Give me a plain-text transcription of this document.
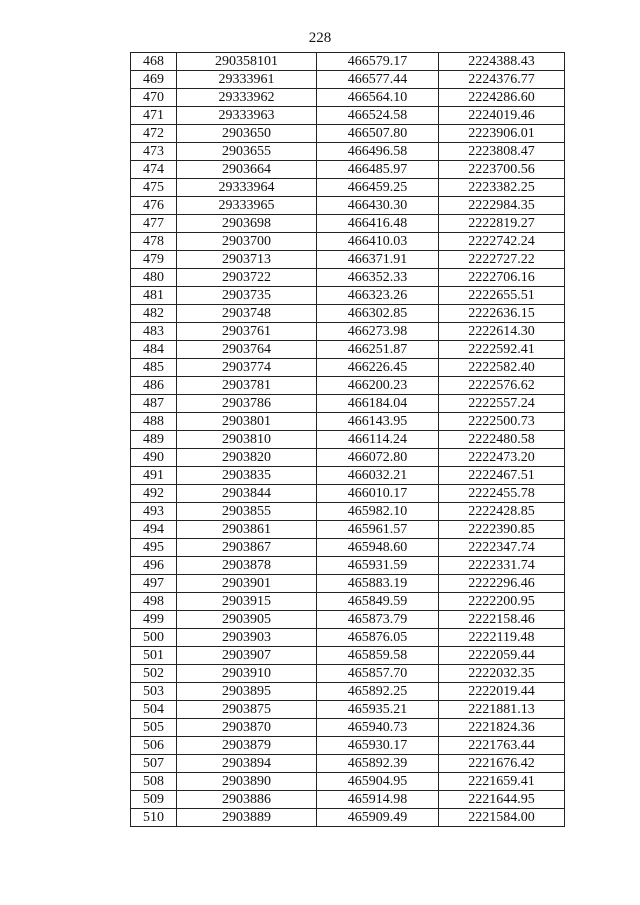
228
468	290358101	466579.17	2224388.43
469	29333961	466577.44	2224376.77
470	29333962	466564.10	2224286.60
471	29333963	466524.58	2224019.46
472	2903650	466507.80	2223906.01
473	2903655	466496.58	2223808.47
474	2903664	466485.97	2223700.56
475	29333964	466459.25	2223382.25
476	29333965	466430.30	2222984.35
477	2903698	466416.48	2222819.27
478	2903700	466410.03	2222742.24
479	2903713	466371.91	2222727.22
480	2903722	466352.33	2222706.16
481	2903735	466323.26	2222655.51
482	2903748	466302.85	2222636.15
483	2903761	466273.98	2222614.30
484	2903764	466251.87	2222592.41
485	2903774	466226.45	2222582.40
486	2903781	466200.23	2222576.62
487	2903786	466184.04	2222557.24
488	2903801	466143.95	2222500.73
489	2903810	466114.24	2222480.58
490	2903820	466072.80	2222473.20
491	2903835	466032.21	2222467.51
492	2903844	466010.17	2222455.78
493	2903855	465982.10	2222428.85
494	2903861	465961.57	2222390.85
495	2903867	465948.60	2222347.74
496	2903878	465931.59	2222331.74
497	2903901	465883.19	2222296.46
498	2903915	465849.59	2222200.95
499	2903905	465873.79	2222158.46
500	2903903	465876.05	2222119.48
501	2903907	465859.58	2222059.44
502	2903910	465857.70	2222032.35
503	2903895	465892.25	2222019.44
504	2903875	465935.21	2221881.13
505	2903870	465940.73	2221824.36
506	2903879	465930.17	2221763.44
507	2903894	465892.39	2221676.42
508	2903890	465904.95	2221659.41
509	2903886	465914.98	2221644.95
510	2903889	465909.49	2221584.00
